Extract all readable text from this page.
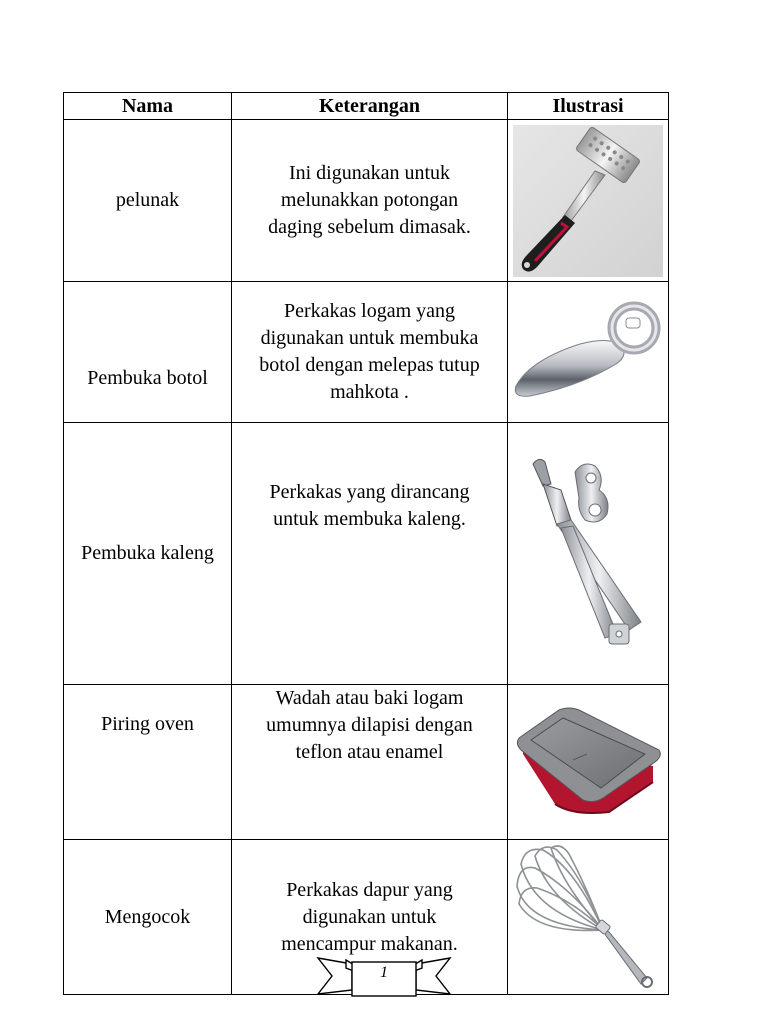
Nama	Keterangan	Ilustrasi
pelunak	Ini digunakan untuk
melunakkan potongan
daging sebelum dimasak.

Pembuka botol	Perkakas logam yang
digunakan untuk membuka
botol dengan melepas tutup
mahkota .

Pembuka kaleng	Perkakas yang dirancang
untuk membuka kaleng.

Piring oven	Wadah atau baki logam
umumnya dilapisi dengan
teflon atau enamel

Mengocok	Perkakas dapur yang
digunakan untuk
mencampur makanan.

1
